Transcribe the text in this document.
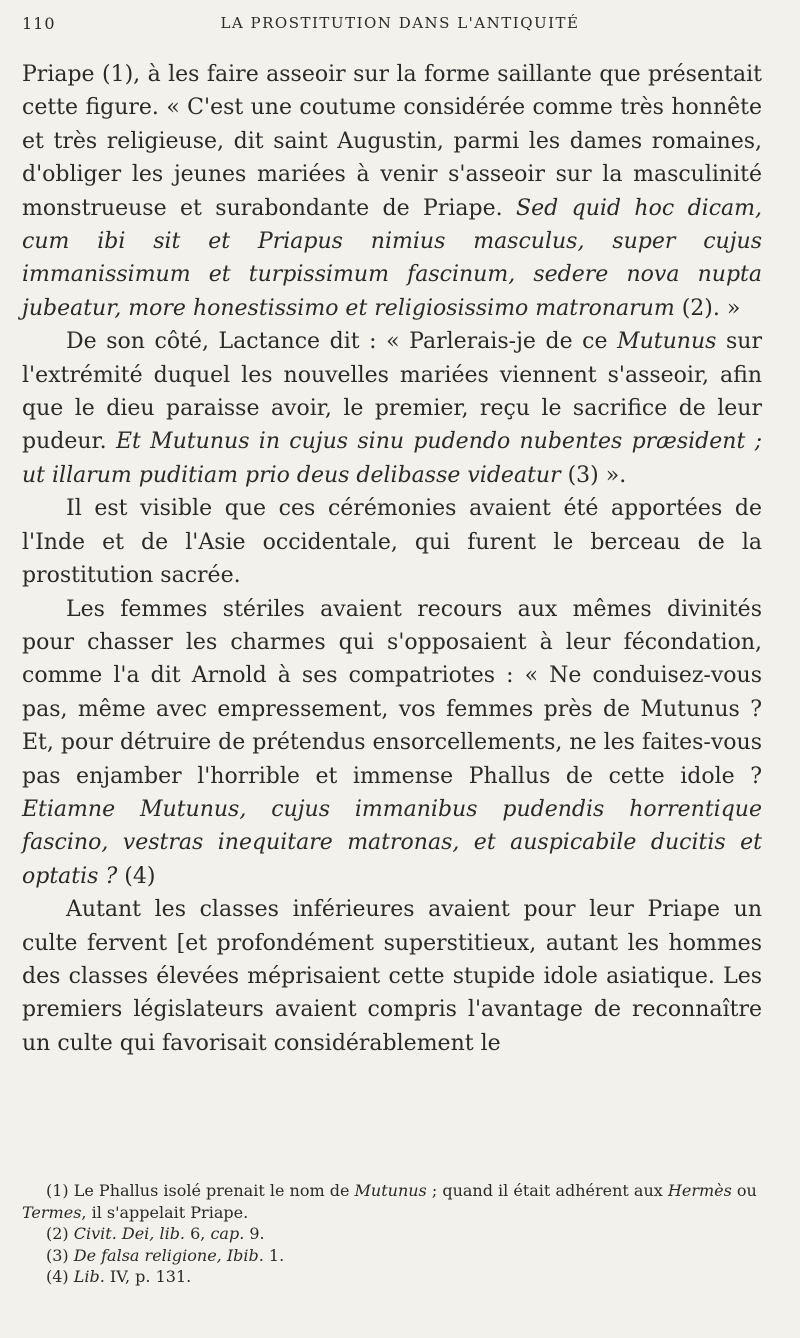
110	LA PROSTITUTION DANS L'ANTIQUITÉ

Priape (1), à les faire asseoir sur la forme saillante que présentait cette figure. « C'est une coutume considérée comme très honnête et très religieuse, dit saint Augustin, parmi les dames romaines, d'obliger les jeunes mariées à venir s'asseoir sur la masculinité monstrueuse et surabondante de Priape. Sed quid hoc dicam, cum ibi sit et Priapus nimius masculus, super cujus immanissimum et turpissimum fascinum, sedere nova nupta jubeatur, more honestissimo et religiosissimo matronarum (2). »

De son côté, Lactance dit : « Parlerais-je de ce Mutunus sur l'extrémité duquel les nouvelles mariées viennent s'asseoir, afin que le dieu paraisse avoir, le premier, reçu le sacrifice de leur pudeur. Et Mutunus in cujus sinu pudendo nubentes præsident ; ut illarum puditiam prio deus delibasse videatur (3) ».

Il est visible que ces cérémonies avaient été apportées de l'Inde et de l'Asie occidentale, qui furent le berceau de la prostitution sacrée.

Les femmes stériles avaient recours aux mêmes divinités pour chasser les charmes qui s'opposaient à leur fécondation, comme l'a dit Arnold à ses compatriotes : « Ne conduisez-vous pas, même avec empressement, vos femmes près de Mutunus ? Et, pour détruire de prétendus ensorcellements, ne les faites-vous pas enjamber l'horrible et immense Phallus de cette idole ? Etiamne Mutunus, cujus immanibus pudendis horrentique fascino, vestras inequitare matronas, et auspicabile ducitis et optatis ? (4)

Autant les classes inférieures avaient pour leur Priape un culte fervent [et profondément superstitieux, autant les hommes des classes élevées méprisaient cette stupide idole asiatique. Les premiers législateurs avaient compris l'avantage de reconnaître un culte qui favorisait considérablement le

(1) Le Phallus isolé prenait le nom de Mutunus ; quand il était adhérent aux Hermès ou Termes, il s'appelait Priape.

(2) Civit. Dei, lib. 6, cap. 9.

(3) De falsa religione, Ibib. 1.

(4) Lib. IV, p. 131.
